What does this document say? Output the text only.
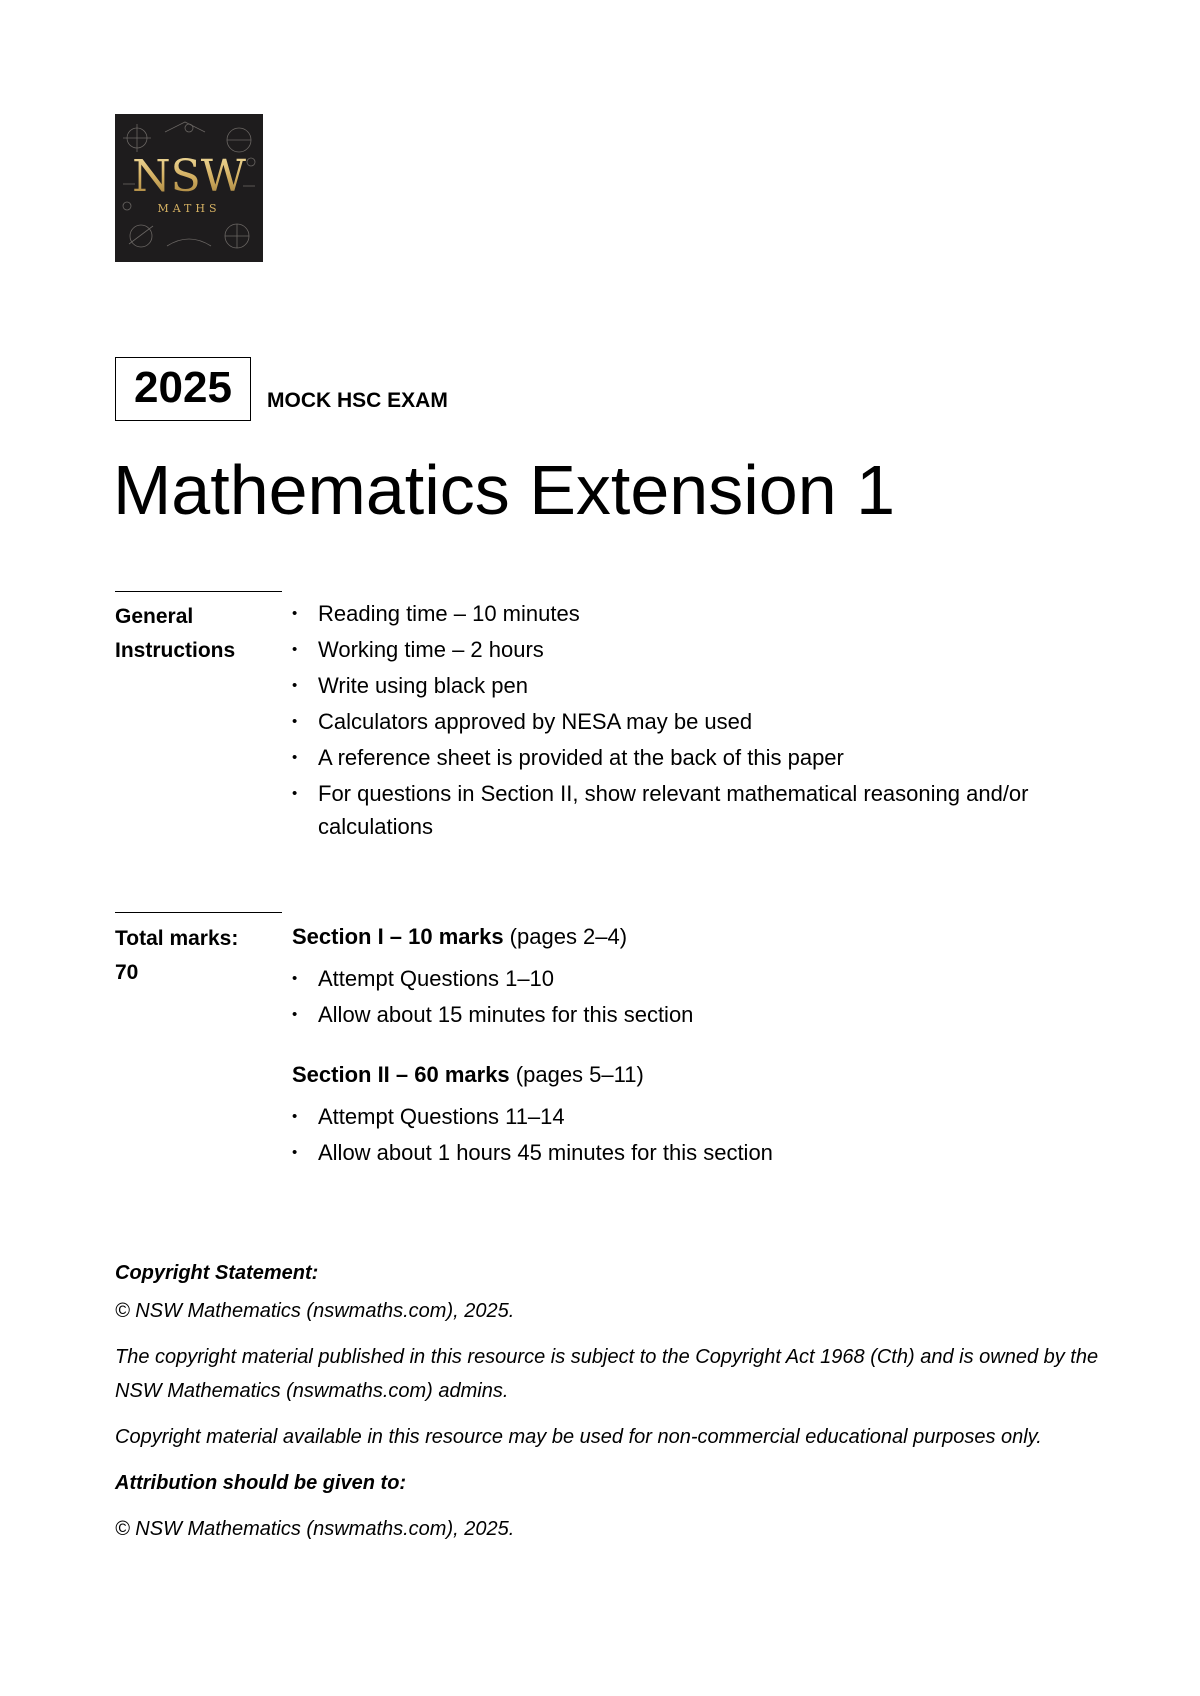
NSW
MATHS
2025	MOCK HSC EXAM
Mathematics Extension 1
General
Instructions
• Reading time – 10 minutes
• Working time – 2 hours
• Write using black pen
• Calculators approved by NESA may be used
• A reference sheet is provided at the back of this paper
• For questions in Section II, show relevant mathematical reasoning and/or calculations
Total marks:
70
Section I – 10 marks (pages 2–4)
• Attempt Questions 1–10
• Allow about 15 minutes for this section
Section II – 60 marks (pages 5–11)
• Attempt Questions 11–14
• Allow about 1 hours 45 minutes for this section

Copyright Statement:

© NSW Mathematics (nswmaths.com), 2025.

The copyright material published in this resource is subject to the Copyright Act 1968 (Cth) and is owned by the NSW Mathematics (nswmaths.com) admins.

Copyright material available in this resource may be used for non-commercial educational purposes only.

Attribution should be given to:

© NSW Mathematics (nswmaths.com), 2025.
